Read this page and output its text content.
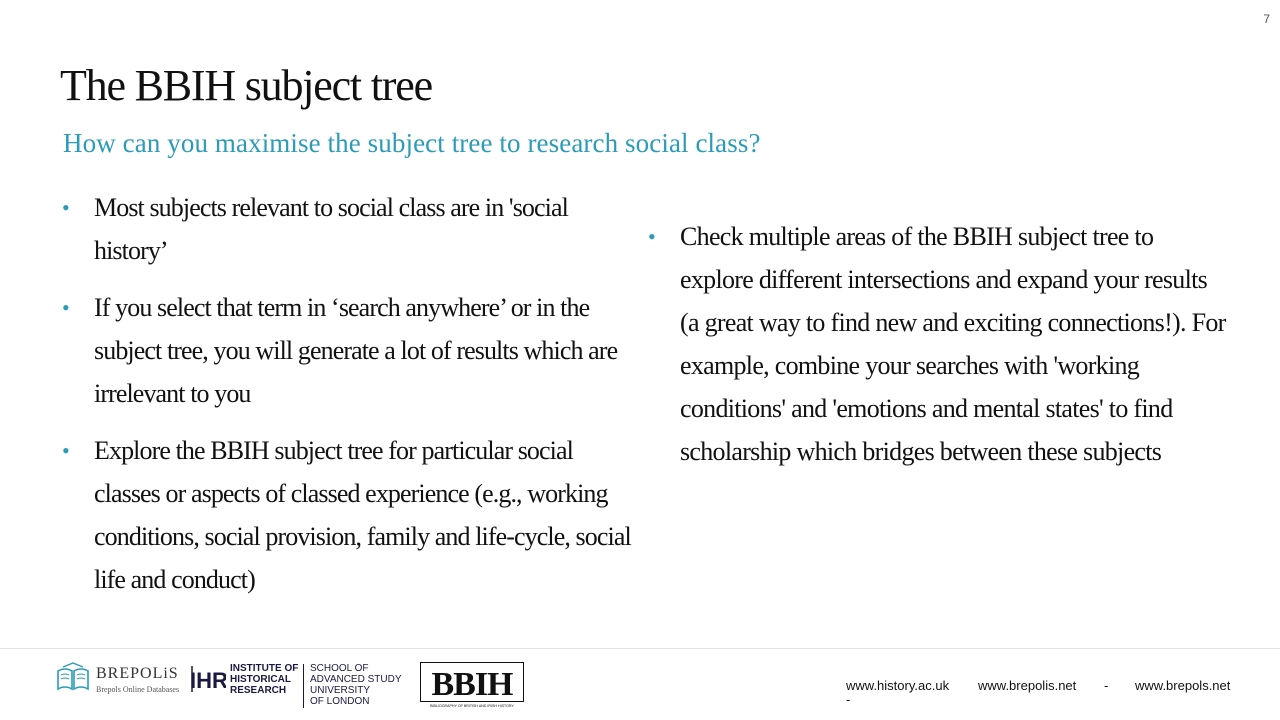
7
The BBIH subject tree
How can you maximise the subject tree to research social class?
• Most subjects relevant to social class are in 'social history’
• If you select that term in ‘search anywhere’ or in the subject tree, you will generate a lot of results which are irrelevant to you
• Explore the BBIH subject tree for particular social classes or aspects of classed experience (e.g., working conditions, social provision, family and life-cycle, social life and conduct)
• Check multiple areas of the BBIH subject tree to explore different intersections and expand your results (a great way to find new and exciting connections!). For example, combine your searches with 'working conditions' and 'emotions and mental states' to find scholarship which bridges between these subjects
BREPOLiS
Brepols Online Databases IHR INSTITUTE OF
HISTORICAL
RESEARCH
SCHOOL OF
ADVANCED STUDY
UNIVERSITY
OF LONDON	BBIH
BIBLIOGRAPHY OF BRITISH AND IRISH HISTORY
www.history.ac.uk
-
www.brepolis.net - www.brepols.net
